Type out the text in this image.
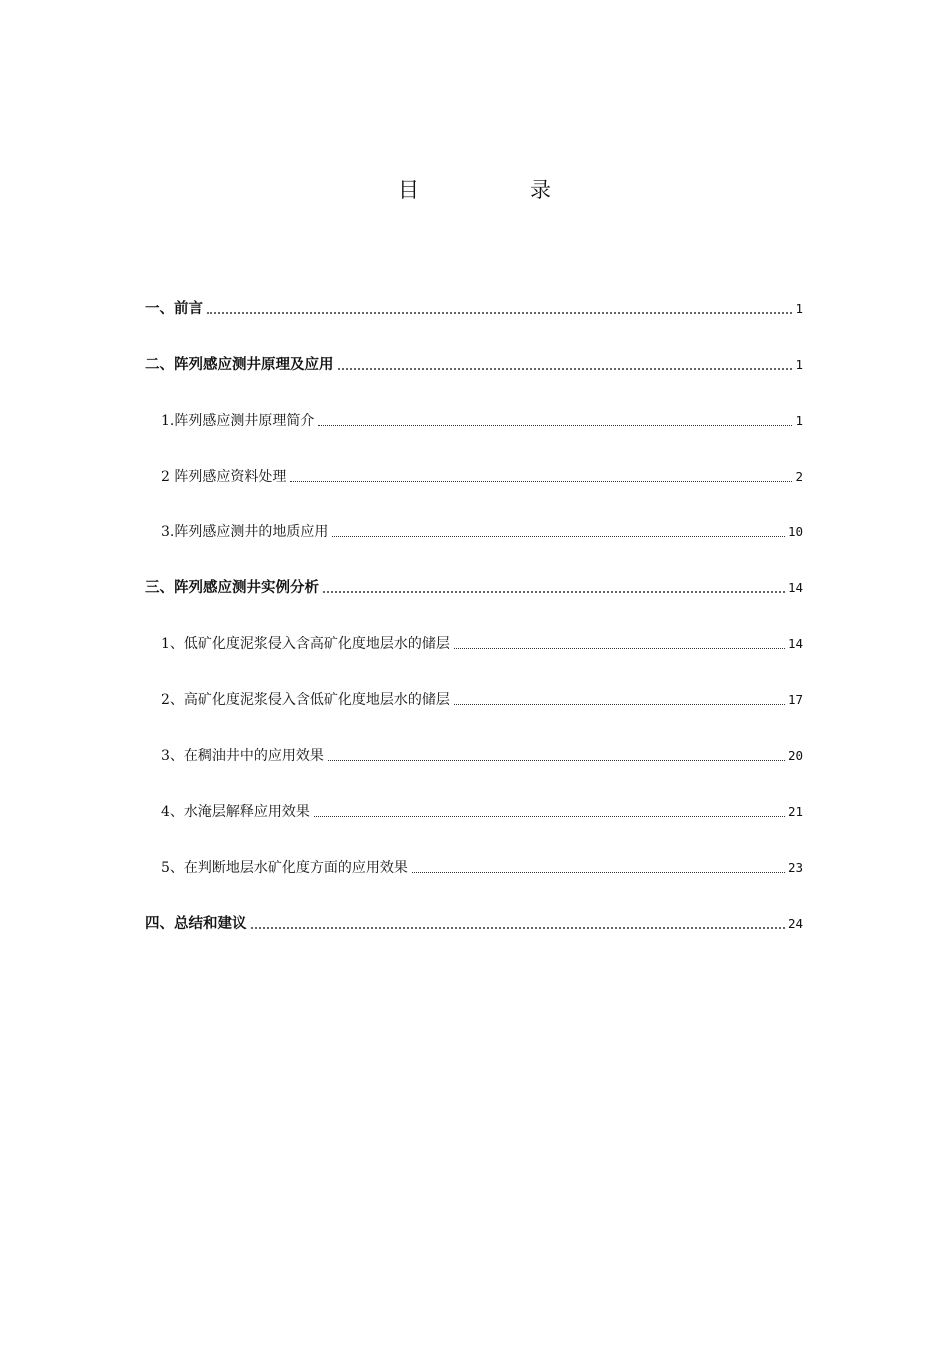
目	录
一、前言	1
二、阵列感应测井原理及应用	1
1.阵列感应测井原理简介	1
2 阵列感应资料处理	2
3.阵列感应测井的地质应用	10
三、阵列感应测井实例分析	14
1、低矿化度泥浆侵入含高矿化度地层水的储层	14
2、高矿化度泥浆侵入含低矿化度地层水的储层	17
3、在稠油井中的应用效果	20
4、水淹层解释应用效果	21
5、在判断地层水矿化度方面的应用效果	23
四、总结和建议	24
